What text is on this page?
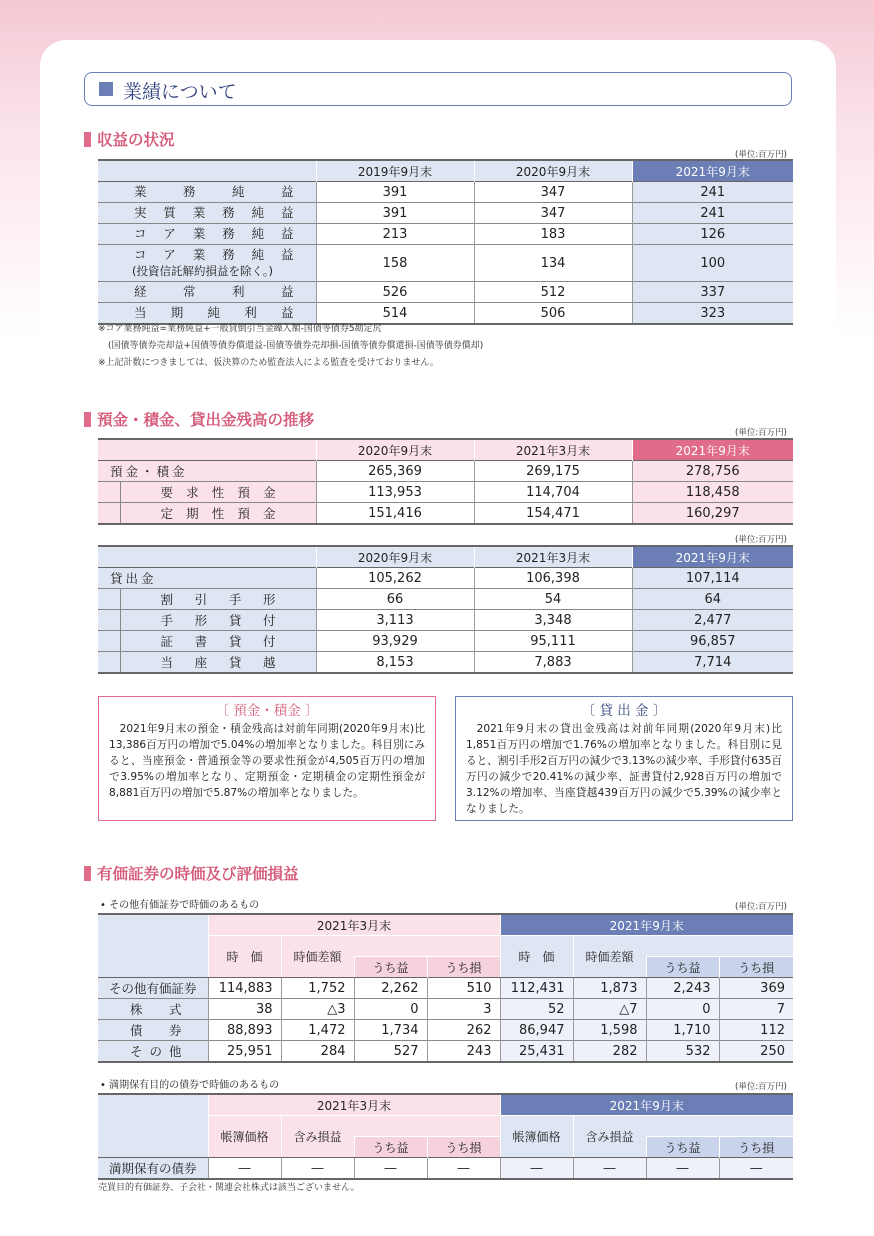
業績について
収益の状況
(単位:百万円)
	2019年9月末	2020年9月末	2021年9月末

業務純益	391	347	241

実質業務純益	391	347	241

コア業務純益	213	183	126

コア業務純益
(投資信託解約損益を除く。)	158	134	100

経常利益	526	512	337

当期純利益	514	506	323
※コア業務純益=業務純益+一般貸倒引当金繰入額-国債等債券5勘定尻
(国債等債券売却益+国債等債券償還益-国債等債券売却損-国債等債券償還損-国債等債券償却)
※上記計数につきましては、仮決算のため監査法人による監査を受けておりません。
預金・積金、貸出金残高の推移
(単位:百万円)
		2020年9月末	2021年3月末	2021年9月末
預金・積金		265,369	269,175	278,756
	要求性預金	113,953	114,704	118,458
	定期性預金	151,416	154,471	160,297
(単位:百万円)
		2020年9月末	2021年3月末	2021年9月末
貸出金		105,262	106,398	107,114
	割引手形	66	54	64
	手形貸付	3,113	3,348	2,477
	証書貸付	93,929	95,111	96,857
	当座貸越	8,153	7,883	7,714
〔 預金・積金 〕
2021年9月末の預金・積金残高は対前年同期(2020年9月末)比13,386百万円の増加で5.04%の増加率となりました。科目別にみると、当座預金・普通預金等の要求性預金が4,505百万円の増加で3.95%の増加率となり、定期預金・定期積金の定期性預金が8,881百万円の増加で5.87%の増加率となりました。
〔 貸 出 金 〕
2021年9月末の貸出金残高は対前年同期(2020年9月末)比1,851百万円の増加で1.76%の増加率となりました。科目別に見ると、割引手形2百万円の減少で3.13%の減少率、手形貸付635百万円の減少で20.41%の減少率、証書貸付2,928百万円の増加で3.12%の増加率、当座貸越439百万円の減少で5.39%の減少率となりました。
有価証券の時価及び評価損益
• その他有価証券で時価のあるもの	(単位:百万円)
	2021年3月末				2021年9月末			
	時　価	時価差額			時　価	時価差額		
			うち益	うち損			うち益	うち損
その他有価証券	114,883	1,752	2,262	510	112,431	1,873	2,243	369
株式	38	△3	0	3	52	△7	0	7
債券	88,893	1,472	1,734	262	86,947	1,598	1,710	112
その他	25,951	284	527	243	25,431	282	532	250
• 満期保有目的の債券で時価のあるもの	(単位:百万円)
	2021年3月末				2021年9月末			
	帳簿価格	含み損益			帳簿価格	含み損益		
			うち益	うち損			うち益	うち損
満期保有の債券	―	―	―	―	―	―	―	―
売買目的有価証券、子会社・関連会社株式は該当ございません。
